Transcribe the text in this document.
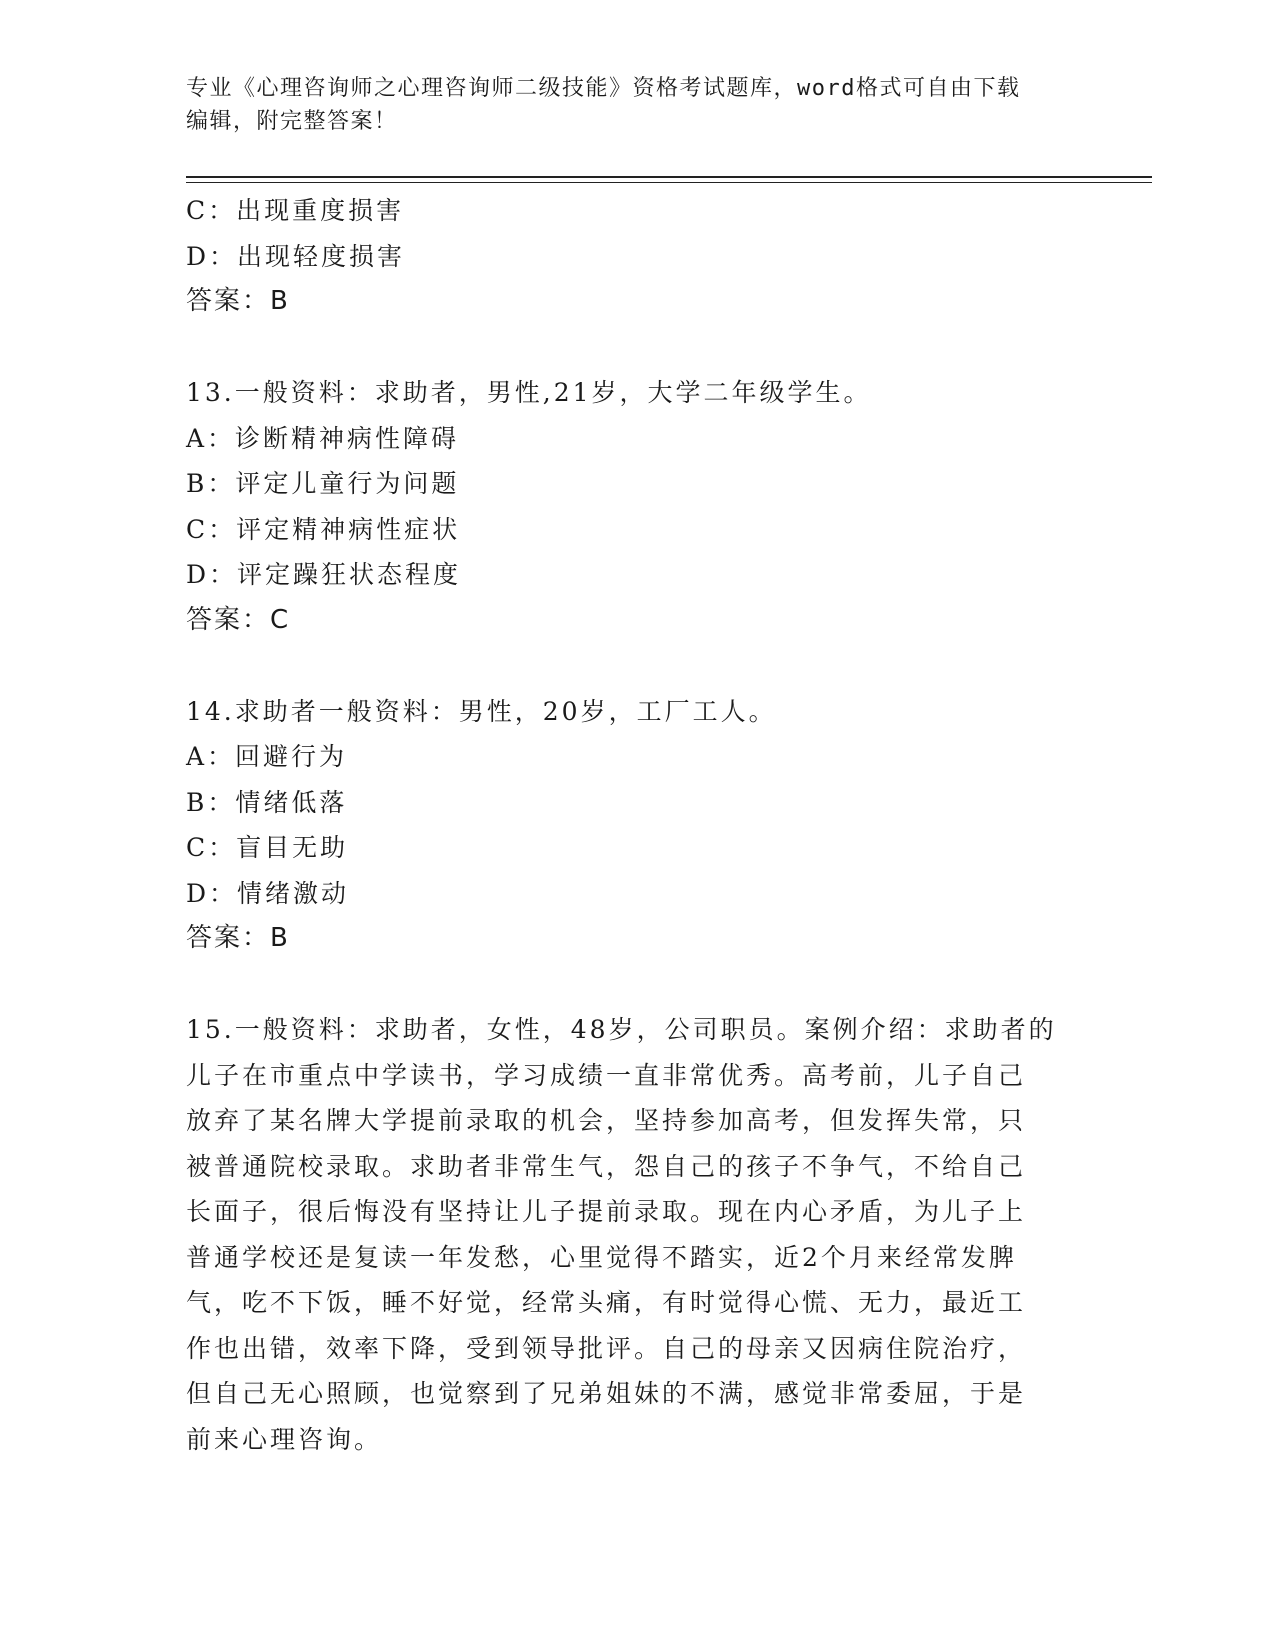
专业《心理咨询师之心理咨询师二级技能》资格考试题库，word格式可自由下载
编辑，附完整答案！
C：出现重度损害
D：出现轻度损害
答案：B
13.一般资料：求助者，男性,21岁，大学二年级学生。
A：诊断精神病性障碍
B：评定儿童行为问题
C：评定精神病性症状
D：评定躁狂状态程度
答案：C
14.求助者一般资料：男性，20岁，工厂工人。
A：回避行为
B：情绪低落
C：盲目无助
D：情绪激动
答案：B
15.一般资料：求助者，女性，48岁，公司职员。案例介绍：求助者的
儿子在市重点中学读书，学习成绩一直非常优秀。高考前，儿子自己
放弃了某名牌大学提前录取的机会，坚持参加高考，但发挥失常，只
被普通院校录取。求助者非常生气，怨自己的孩子不争气，不给自己
长面子，很后悔没有坚持让儿子提前录取。现在内心矛盾，为儿子上
普通学校还是复读一年发愁，心里觉得不踏实，近2个月来经常发脾
气，吃不下饭，睡不好觉，经常头痛，有时觉得心慌、无力，最近工
作也出错，效率下降，受到领导批评。自己的母亲又因病住院治疗，
但自己无心照顾，也觉察到了兄弟姐妹的不满，感觉非常委屈，于是
前来心理咨询。
